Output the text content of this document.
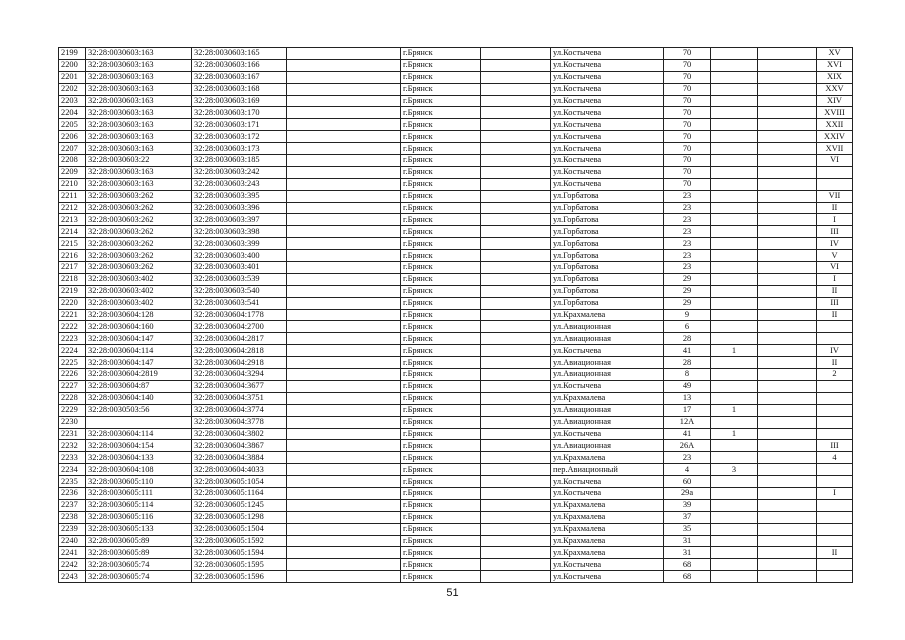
2199	32:28:0030603:163	32:28:0030603:165		г.Брянск		ул.Костычева	70			XV
2200	32:28:0030603:163	32:28:0030603:166		г.Брянск		ул.Костычева	70			XVI
2201	32:28:0030603:163	32:28:0030603:167		г.Брянск		ул.Костычева	70			XIX
2202	32:28:0030603:163	32:28:0030603:168		г.Брянск		ул.Костычева	70			XXV
2203	32:28:0030603:163	32:28:0030603:169		г.Брянск		ул.Костычева	70			XIV
2204	32:28:0030603:163	32:28:0030603:170		г.Брянск		ул.Костычева	70			XVIII
2205	32:28:0030603:163	32:28:0030603:171		г.Брянск		ул.Костычева	70			XXII
2206	32:28:0030603:163	32:28:0030603:172		г.Брянск		ул.Костычева	70			XXIV
2207	32:28:0030603:163	32:28:0030603:173		г.Брянск		ул.Костычева	70			XVII
2208	32:28:0030603:22	32:28:0030603:185		г.Брянск		ул.Костычева	70			VI
2209	32:28:0030603:163	32:28:0030603:242		г.Брянск		ул.Костычева	70			
2210	32:28:0030603:163	32:28:0030603:243		г.Брянск		ул.Костычева	70			
2211	32:28:0030603:262	32:28:0030603:395		г.Брянск		ул.Горбатова	23			VII
2212	32:28:0030603:262	32:28:0030603:396		г.Брянск		ул.Горбатова	23			II
2213	32:28:0030603:262	32:28:0030603:397		г.Брянск		ул.Горбатова	23			I
2214	32:28:0030603:262	32:28:0030603:398		г.Брянск		ул.Горбатова	23			III
2215	32:28:0030603:262	32:28:0030603:399		г.Брянск		ул.Горбатова	23			IV
2216	32:28:0030603:262	32:28:0030603:400		г.Брянск		ул.Горбатова	23			V
2217	32:28:0030603:262	32:28:0030603:401		г.Брянск		ул.Горбатова	23			VI
2218	32:28:0030603:402	32:28:0030603:539		г.Брянск		ул.Горбатова	29			I
2219	32:28:0030603:402	32:28:0030603:540		г.Брянск		ул.Горбатова	29			II
2220	32:28:0030603:402	32:28:0030603:541		г.Брянск		ул.Горбатова	29			III
2221	32:28:0030604:128	32:28:0030604:1778		г.Брянск		ул.Крахмалева	9			II
2222	32:28:0030604:160	32:28:0030604:2700		г.Брянск		ул.Авиационная	6			
2223	32:28:0030604:147	32:28:0030604:2817		г.Брянск		ул.Авиационная	28			
2224	32:28:0030604:114	32:28:0030604:2818		г.Брянск		ул.Костычева	41	1		IV
2225	32:28:0030604:147	32:28:0030604:2918		г.Брянск		ул.Авиационная	28			II
2226	32:28:0030604:2819	32:28:0030604:3294		г.Брянск		ул.Авиационная	8			2
2227	32:28:0030604:87	32:28:0030604:3677		г.Брянск		ул.Костычева	49			
2228	32:28:0030604:140	32:28:0030604:3751		г.Брянск		ул.Крахмалева	13			
2229	32:28:0030503:56	32:28:0030604:3774		г.Брянск		ул.Авиационная	17	1		
2230		32:28:0030604:3778		г.Брянск		ул.Авиационная	12А			
2231	32:28:0030604:114	32:28:0030604:3802		г.Брянск		ул.Костычева	41	1		
2232	32:28:0030604:154	32:28:0030604:3867		г.Брянск		ул.Авиационная	26А			III
2233	32:28:0030604:133	32:28:0030604:3884		г.Брянск		ул.Крахмалева	23			4
2234	32:28:0030604:108	32:28:0030604:4033		г.Брянск		пер.Авиационный	4	3		
2235	32:28:0030605:110	32:28:0030605:1054		г.Брянск		ул.Костычева	60			
2236	32:28:0030605:111	32:28:0030605:1164		г.Брянск		ул.Костычева	29а			I
2237	32:28:0030605:114	32:28:0030605:1245		г.Брянск		ул.Крахмалева	39			
2238	32:28:0030605:116	32:28:0030605:1298		г.Брянск		ул.Крахмалева	37			
2239	32:28:0030605:133	32:28:0030605:1504		г.Брянск		ул.Крахмалева	35			
2240	32:28:0030605:89	32:28:0030605:1592		г.Брянск		ул.Крахмалева	31			
2241	32:28:0030605:89	32:28:0030605:1594		г.Брянск		ул.Крахмалева	31			II
2242	32:28:0030605:74	32:28:0030605:1595		г.Брянск		ул.Костычева	68			
2243	32:28:0030605:74	32:28:0030605:1596		г.Брянск		ул.Костычева	68			
51
